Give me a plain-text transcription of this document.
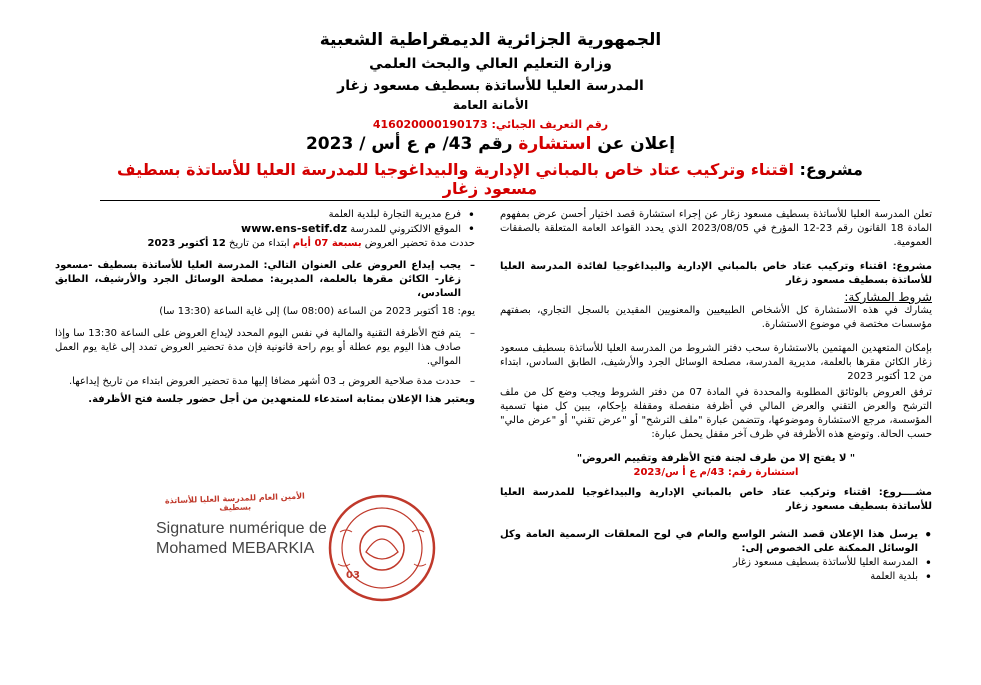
الجمهورية الجزائرية الديمقراطية الشعبية
وزارة التعليم العالي والبحث العلمي
المدرسة العليا للأساتذة بسطيف مسعود زغار
الأمانة العامة
رقم التعريف الجبائي: 416020000190173
إعلان عن استشارة رقم 43/ م ع أس / 2023
مشروع: اقتناء وتركيب عتاد خاص بالمباني الإدارية والبيداغوجيا للمدرسة العليا للأساتذة بسطيف مسعود زغار

تعلن المدرسة العليا للأساتذة بسطيف مسعود زغار عن إجراء استشارة قصد اختيار أحسن عرض بمفهوم المادة 18 القانون رقم 23-12 المؤرخ في 2023/08/05 الذي يحدد القواعد العامة المتعلقة بالصفقات العمومية.

مشروع: اقتناء وتركيب عتاد خاص بالمباني الإدارية والبيداغوجيا لفائدة المدرسة العليا للأساتذة بسطيف مسعود زغار

شروط المشاركة:

يشارك في هذه الاستشارة كل الأشخاص الطبيعيين والمعنويين المقيدين بالسجل التجاري، بصفتهم مؤسسات مختصة في موضوع الاستشارة.

بإمكان المتعهدين المهتمين بالاستشارة سحب دفتر الشروط من المدرسة العليا للأساتذة بسطيف مسعود زغار الكائن مقرها بالعلمة، مديرية المدرسة، مصلحة الوسائل الجرد والأرشيف، الطابق السادس، ابتداء من 12 أكتوبر 2023

ترفق العروض بالوثائق المطلوبة والمحددة في المادة 07 من دفتر الشروط ويجب وضع كل من ملف الترشح والعرض التقني والعرض المالي في أظرفة منفصلة ومقفلة بإحكام، يبين كل منها تسمية المؤسسة، مرجع الاستشارة وموضوعها، وتتضمن عبارة "ملف الترشح" أو "عرض تقني" أو "عرض مالي" حسب الحالة. وتوضع هذه الأظرفة في ظرف آخر مقفل يحمل عبارة:

" لا يفتح إلا من طرف لجنة فتح الأظرفة وتقييم العروض"

استشارة رقم: 43/م ع أ س/2023

مشــــروع: اقتناء وتركيب عتاد خاص بالمباني الإدارية والبيداغوجيا للمدرسة العليا للأساتذة بسطيف مسعود زغار

• يرسل هذا الإعلان قصد النشر الواسع والعام في لوح المعلقات الرسمية العامة وكل الوسائل الممكنة على الخصوص إلى:

• المدرسة العليا للأساتذة بسطيف مسعود زغار

• بلدية العلمة

• فرع مديرية التجارة لبلدية العلمة

• الموقع الالكتروني للمدرسة www.ens-setif.dz

حددت مدة تحضير العروض بسبعة 07 أيام ابتداء من تاريخ 12 أكتوبر 2023

– يجب إيداع العروض على العنوان التالي: المدرسة العليا للأساتذة بسطيف -مسعود زغار- الكائن مقرها بالعلمة، المديرية: مصلحة الوسائل الجرد والأرشيف، الطابق السادس،

يوم: 18 أكتوبر 2023 من الساعة (08:00 سا) إلى غاية الساعة (13:30 سا)

– يتم فتح الأظرفة التقنية والمالية في نفس اليوم المحدد لإيداع العروض على الساعة 13:30 سا وإذا صادف هذا اليوم يوم عطلة أو يوم راحة قانونية فإن مدة تحضير العروض تمدد إلى غاية يوم العمل الموالي.

– حددت مدة صلاحية العروض بـ 03 أشهر مضافا إليها مدة تحضير العروض ابتداء من تاريخ إيداعها.

ويعتبر هذا الإعلان بمثابة استدعاء للمتعهدين من أجل حضور جلسة فتح الأظرفة.

الأمين العام للمدرسة العليا للأساتذة بسطيف
03
Signature numérique de
Mohamed MEBARKIA
